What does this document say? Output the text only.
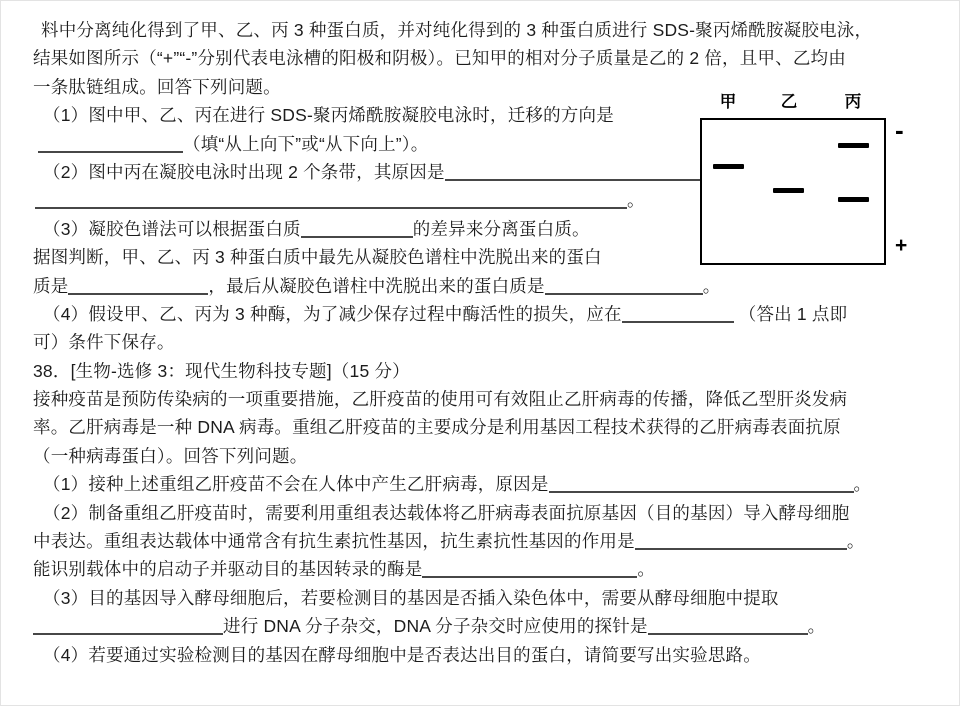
料中分离纯化得到了甲、乙、丙 3 种蛋白质，并对纯化得到的 3 种蛋白质进行 SDS-聚丙烯酰胺凝胶电泳，
结果如图所示（“+”“-”分别代表电泳槽的阳极和阴极）。已知甲的相对分子质量是乙的 2 倍，且甲、乙均由
一条肽链组成。回答下列问题。
（1）图中甲、乙、丙在进行 SDS-聚丙烯酰胺凝胶电泳时，迁移的方向是
（填“从上向下”或“从下向上”）。
（2）图中丙在凝胶电泳时出现 2 个条带，其原因是
。
（3）凝胶色谱法可以根据蛋白质	的差异来分离蛋白质。
据图判断，甲、乙、丙 3 种蛋白质中最先从凝胶色谱柱中洗脱出来的蛋白
质是	，最后从凝胶色谱柱中洗脱出来的蛋白质是	。
（4）假设甲、乙、丙为 3 种酶，为了减少保存过程中酶活性的损失，应在	（答出 1 点即
可）条件下保存。
38．[生物-选修 3：现代生物科技专题]（15 分）
接种疫苗是预防传染病的一项重要措施，乙肝疫苗的使用可有效阻止乙肝病毒的传播，降低乙型肝炎发病
率。乙肝病毒是一种 DNA 病毒。重组乙肝疫苗的主要成分是利用基因工程技术获得的乙肝病毒表面抗原
（一种病毒蛋白）。回答下列问题。
（1）接种上述重组乙肝疫苗不会在人体中产生乙肝病毒，原因是	。
（2）制备重组乙肝疫苗时，需要利用重组表达载体将乙肝病毒表面抗原基因（目的基因）导入酵母细胞
中表达。重组表达载体中通常含有抗生素抗性基因，抗生素抗性基因的作用是	。
能识别载体中的启动子并驱动目的基因转录的酶是	。
（3）目的基因导入酵母细胞后，若要检测目的基因是否插入染色体中，需要从酵母细胞中提取
进行 DNA 分子杂交，DNA 分子杂交时应使用的探针是	。
（4）若要通过实验检测目的基因在酵母细胞中是否表达出目的蛋白，请简要写出实验思路。
-
+
甲	乙	丙
